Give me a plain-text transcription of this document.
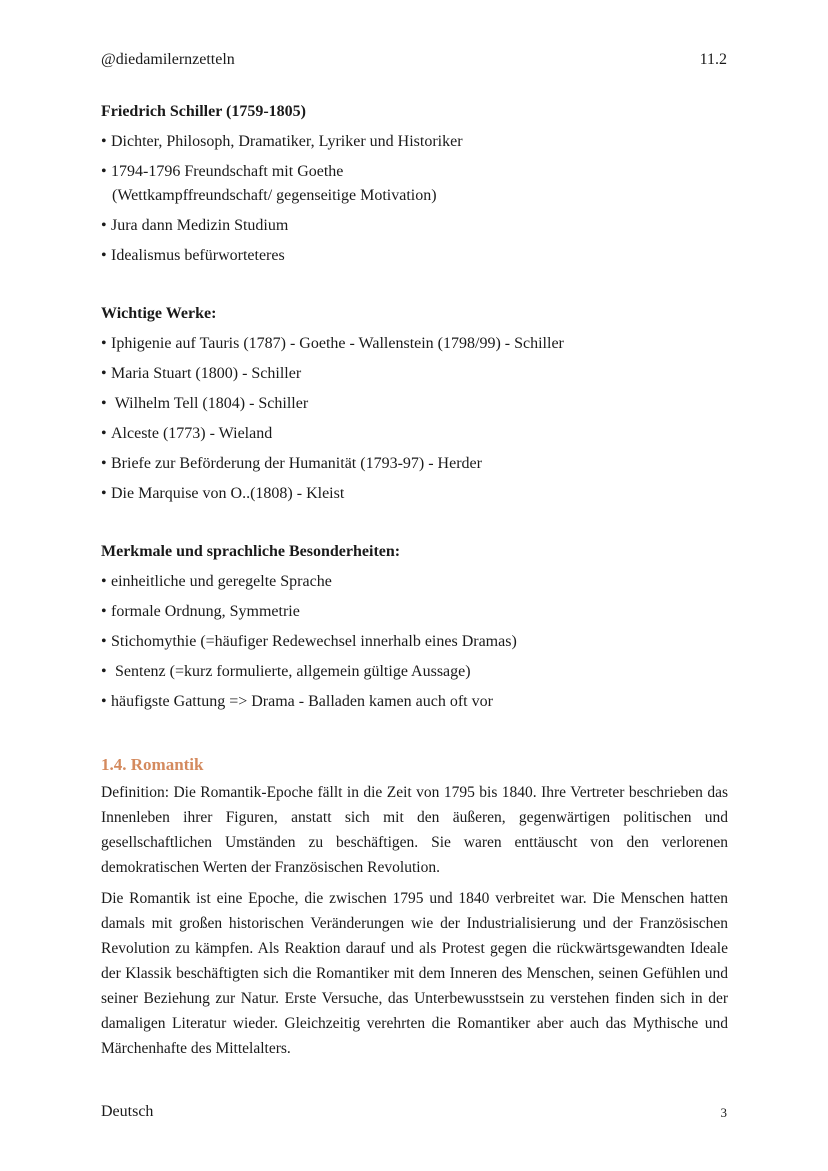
@diedamilernzetteln	11.2
Friedrich Schiller (1759-1805)
• Dichter, Philosoph, Dramatiker, Lyriker und Historiker
• 1794-1796 Freundschaft mit Goethe
(Wettkampffreundschaft/ gegenseitige Motivation)
• Jura dann Medizin Studium
• Idealismus befürworteteres
Wichtige Werke:
• Iphigenie auf Tauris (1787) - Goethe - Wallenstein (1798/99) - Schiller
• Maria Stuart (1800) - Schiller
• Wilhelm Tell (1804) - Schiller
• Alceste (1773) - Wieland
• Briefe zur Beförderung der Humanität (1793-97) - Herder
• Die Marquise von O..(1808) - Kleist
Merkmale und sprachliche Besonderheiten:
• einheitliche und geregelte Sprache
• formale Ordnung, Symmetrie
• Stichomythie (=häufiger Redewechsel innerhalb eines Dramas)
• Sentenz (=kurz formulierte, allgemein gültige Aussage)
• häufigste Gattung => Drama - Balladen kamen auch oft vor
1.4. Romantik

Definition: Die Romantik-Epoche fällt in die Zeit von 1795 bis 1840. Ihre Vertreter beschrieben das Innenleben ihrer Figuren, anstatt sich mit den äußeren, gegenwärtigen politischen und gesellschaftlichen Umständen zu beschäftigen. Sie waren enttäuscht von den verlorenen demokratischen Werten der Französischen Revolution.

Die Romantik ist eine Epoche, die zwischen 1795 und 1840 verbreitet war. Die Menschen hatten damals mit großen historischen Veränderungen wie der Industrialisierung und der Französischen Revolution zu kämpfen. Als Reaktion darauf und als Protest gegen die rückwärtsgewandten Ideale der Klassik beschäftigten sich die Romantiker mit dem Inneren des Menschen, seinen Gefühlen und seiner Beziehung zur Natur. Erste Versuche, das Unterbewusstsein zu verstehen finden sich in der damaligen Literatur wieder. Gleichzeitig verehrten die Romantiker aber auch das Mythische und Märchenhafte des Mittelalters.

Deutsch	3
